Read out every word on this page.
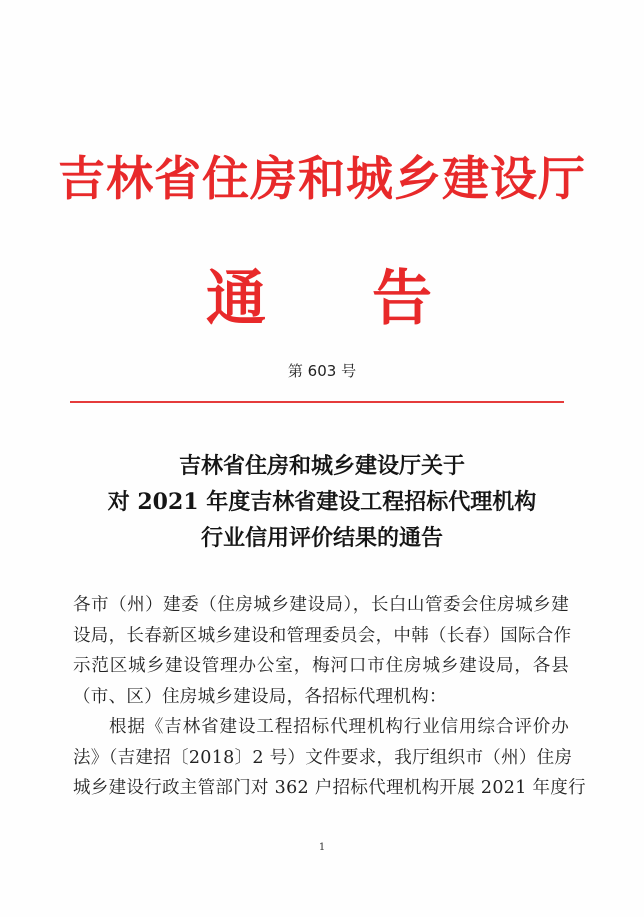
吉林省住房和城乡建设厅
通 告
第 603 号
吉林省住房和城乡建设厅关于
对 2021 年度吉林省建设工程招标代理机构
行业信用评价结果的通告
各市（州）建委（住房城乡建设局），长白山管委会住房城乡建
设局，长春新区城乡建设和管理委员会，中韩（长春）国际合作
示范区城乡建设管理办公室，梅河口市住房城乡建设局，各县
（市、区）住房城乡建设局，各招标代理机构：
根据《吉林省建设工程招标代理机构行业信用综合评价办
法》（吉建招〔2018〕2 号）文件要求，我厅组织市（州）住房
城乡建设行政主管部门对 362 户招标代理机构开展 2021 年度行
1
